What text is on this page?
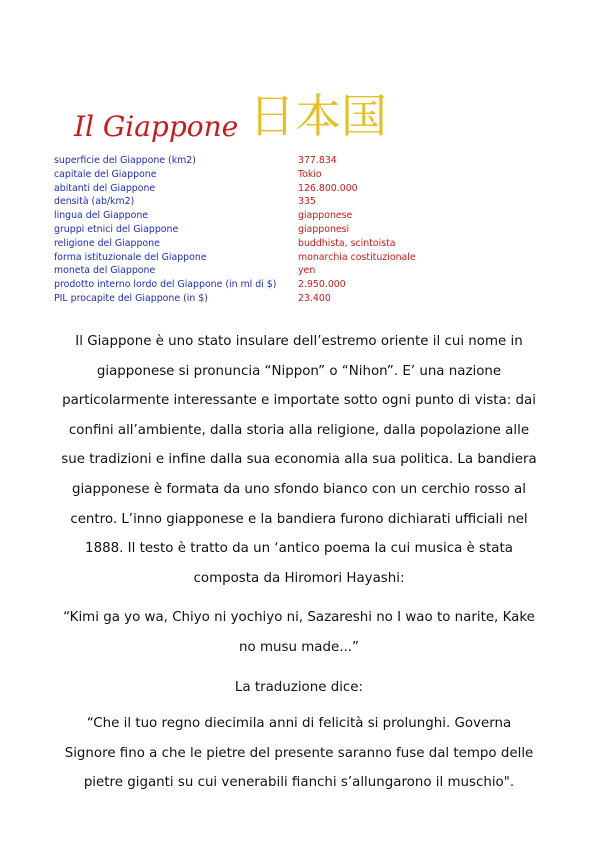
Il Giappone 日本国
superficie del Giappone (km2)	377.834
capitale del Giappone	Tokio
abitanti del Giappone	126.800.000
densità (ab/km2)	335
lingua del Giappone	giapponese
gruppi etnici del Giappone	giapponesi
religione del Giappone	buddhista, scintoista
forma istituzionale del Giappone	monarchia costituzionale
moneta del Giappone	yen
prodotto interno lordo del Giappone (in ml di $)	2.950.000
PIL procapite del Giappone (in $)	23.400
Il Giappone è uno stato insulare dell’estremo oriente il cui nome in giapponese si pronuncia “Nippon” o “Nihon”. E’ una nazione particolarmente interessante e importate sotto ogni punto di vista: dai confini all’ambiente, dalla storia alla religione, dalla popolazione alle sue tradizioni e infine dalla sua economia alla sua politica. La bandiera giapponese è formata da uno sfondo bianco con un cerchio rosso al centro. L’inno giapponese e la bandiera furono dichiarati ufficiali nel 1888. Il testo è tratto da un ‘antico poema la cui musica è stata composta da Hiromori Hayashi:
“Kimi ga yo wa, Chiyo ni yochiyo ni, Sazareshi no I wao to narite, Kake no musu made...”
La traduzione dice:
“Che il tuo regno diecimila anni di felicità si prolunghi. Governa Signore fino a che le pietre del presente saranno fuse dal tempo delle pietre giganti su cui venerabili fianchi s’allungarono il muschio".
